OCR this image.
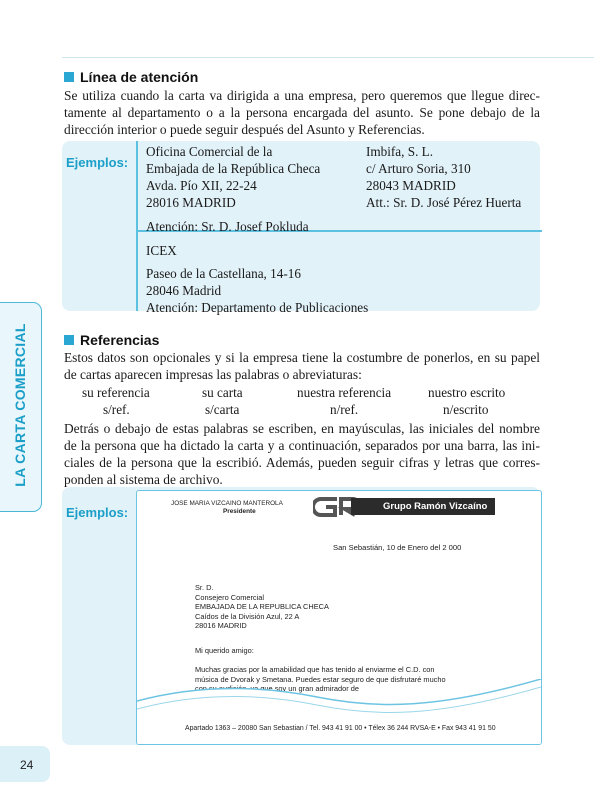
LA CARTA COMERCIAL
Línea de atención
Se utiliza cuando la carta va dirigida a una empresa, pero queremos que llegue direc-
tamente al departamento o a la persona encargada del asunto. Se pone debajo de la
dirección interior o puede seguir después del Asunto y Referencias.
Ejemplos:
Oficina Comercial de la
Embajada de la República Checa
Avda. Pío XII, 22-24
28016 MADRID
Atención: Sr. D. Josef Pokluda
Imbifa, S. L.
c/ Arturo Soria, 310
28043 MADRID
Att.: Sr. D. José Pérez Huerta
ICEX
Paseo de la Castellana, 14-16
28046 Madrid
Atención: Departamento de Publicaciones
Referencias
Estos datos son opcionales y si la empresa tiene la costumbre de ponerlos, en su papel
de cartas aparecen impresas las palabras o abreviaturas:
su referencia	su carta	nuestra referencia	nuestro escrito
s/ref.	s/carta	n/ref.	n/escrito
Detrás o debajo de estas palabras se escriben, en mayúsculas, las iniciales del nombre
de la persona que ha dictado la carta y a continuación, separados por una barra, las ini-
ciales de la persona que la escribió. Además, pueden seguir cifras y letras que corres-
ponden al sistema de archivo.
Ejemplos:
JOSE MARIA VIZCAINO MANTEROLA
Presidente	Grupo Ramón Vizcaíno
San Sebastián, 10 de Enero del 2 000
Sr. D.
Consejero Comercial
EMBAJADA DE LA REPUBLICA CHECA
Caídos de la División Azul, 22 A
28016 MADRID
Mi querido amigo:
Muchas gracias por la amabilidad que has tenido al enviarme el C.D. con
música de Dvorak y Smetana. Puedes estar seguro de que disfrutaré mucho
con su audición, ya que soy un gran admirador de
Apartado 1363 – 20080 San Sebastian / Tel. 943 41 91 00 • Télex 36 244 RVSA-E • Fax 943 41 91 50
24
